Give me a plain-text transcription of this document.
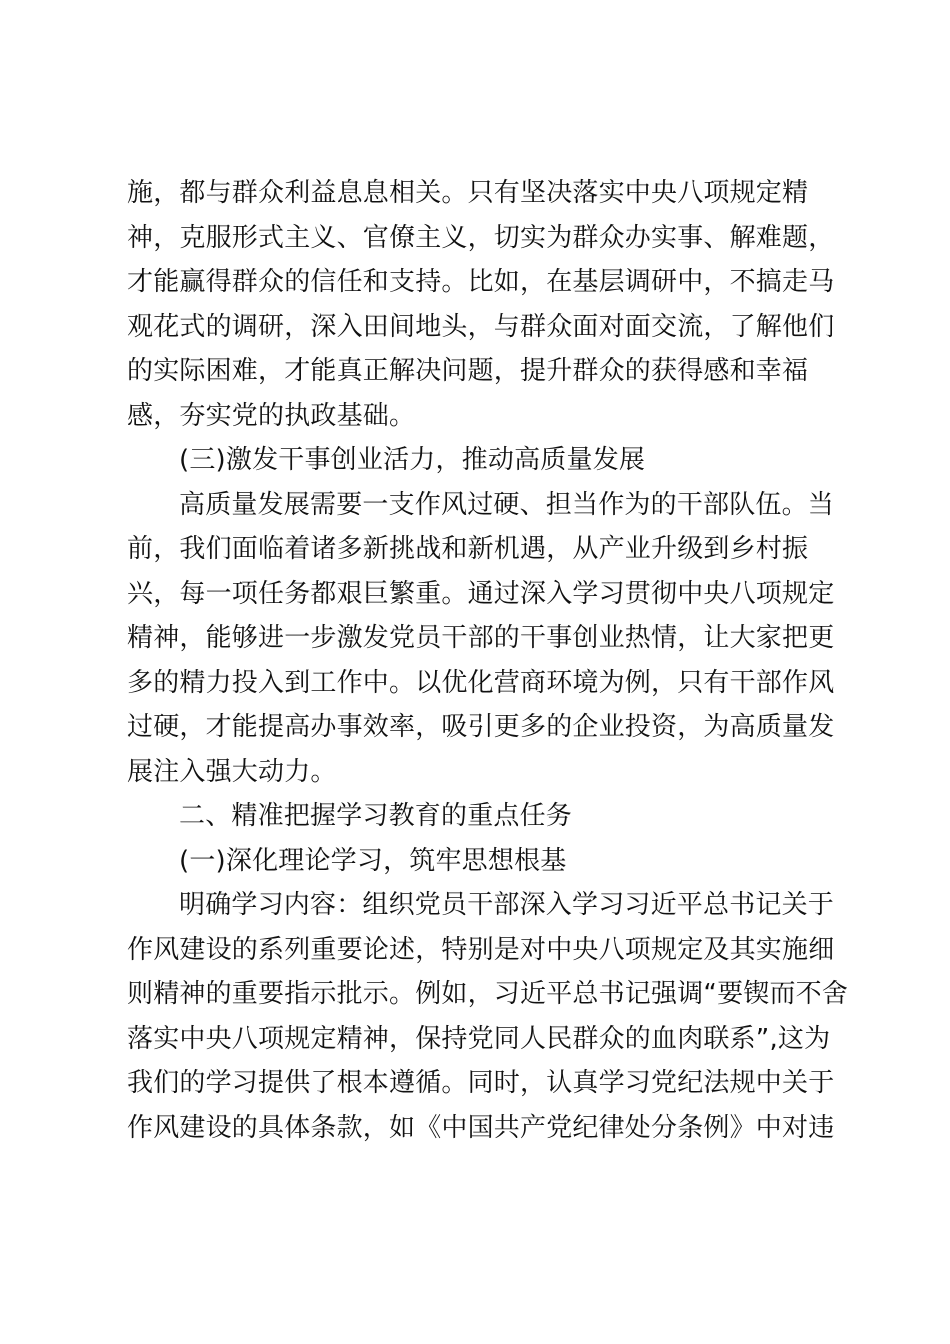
施，都与群众利益息息相关。只有坚决落实中央八项规定精
神，克服形式主义、官僚主义，切实为群众办实事、解难题，
才能赢得群众的信任和支持。比如，在基层调研中，不搞走马
观花式的调研，深入田间地头，与群众面对面交流，了解他们
的实际困难，才能真正解决问题，提升群众的获得感和幸福
感，夯实党的执政基础。
(三)激发干事创业活力，推动高质量发展
高质量发展需要一支作风过硬、担当作为的干部队伍。当
前，我们面临着诸多新挑战和新机遇，从产业升级到乡村振
兴，每一项任务都艰巨繁重。通过深入学习贯彻中央八项规定
精神，能够进一步激发党员干部的干事创业热情，让大家把更
多的精力投入到工作中。以优化营商环境为例，只有干部作风
过硬，才能提高办事效率，吸引更多的企业投资，为高质量发
展注入强大动力。
二、精准把握学习教育的重点任务
(一)深化理论学习，筑牢思想根基
明确学习内容：组织党员干部深入学习习近平总书记关于
作风建设的系列重要论述，特别是对中央八项规定及其实施细
则精神的重要指示批示。例如，习近平总书记强调“要锲而不舍
落实中央八项规定精神，保持党同人民群众的血肉联系”,这为
我们的学习提供了根本遵循。同时，认真学习党纪法规中关于
作风建设的具体条款，如《中国共产党纪律处分条例》中对违
